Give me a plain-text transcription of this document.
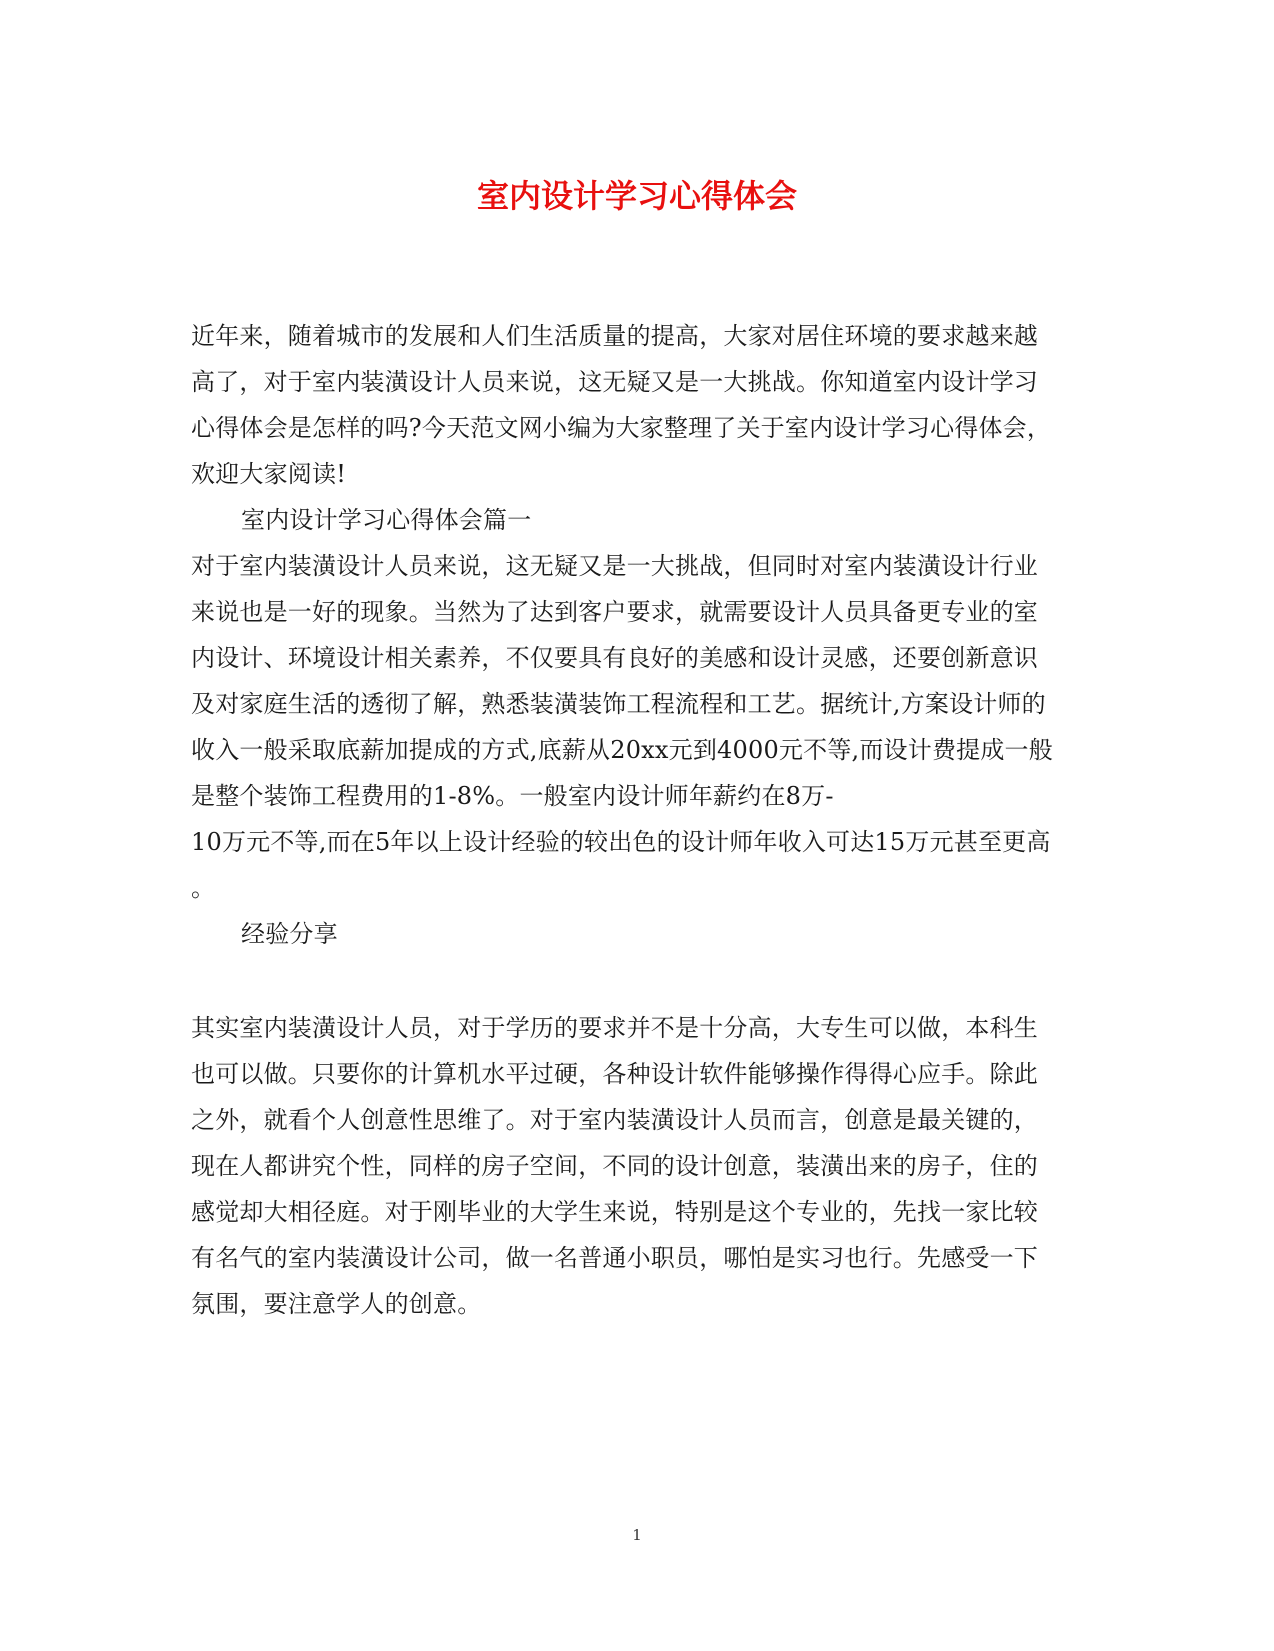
室内设计学习心得体会
近年来，随着城市的发展和人们生活质量的提高，大家对居住环境的要求越来越
高了，对于室内装潢设计人员来说，这无疑又是一大挑战。你知道室内设计学习
心得体会是怎样的吗?今天范文网小编为大家整理了关于室内设计学习心得体会，
欢迎大家阅读!
室内设计学习心得体会篇一
对于室内装潢设计人员来说，这无疑又是一大挑战，但同时对室内装潢设计行业
来说也是一好的现象。当然为了达到客户要求，就需要设计人员具备更专业的室
内设计、环境设计相关素养，不仅要具有良好的美感和设计灵感，还要创新意识
及对家庭生活的透彻了解，熟悉装潢装饰工程流程和工艺。据统计,方案设计师的
收入一般采取底薪加提成的方式,底薪从20xx元到4000元不等,而设计费提成一般
是整个装饰工程费用的1-8%。一般室内设计师年薪约在8万-
10万元不等,而在5年以上设计经验的较出色的设计师年收入可达15万元甚至更高
。
经验分享
其实室内装潢设计人员，对于学历的要求并不是十分高，大专生可以做，本科生
也可以做。只要你的计算机水平过硬，各种设计软件能够操作得得心应手。除此
之外，就看个人创意性思维了。对于室内装潢设计人员而言，创意是最关键的，
现在人都讲究个性，同样的房子空间，不同的设计创意，装潢出来的房子，住的
感觉却大相径庭。对于刚毕业的大学生来说，特别是这个专业的，先找一家比较
有名气的室内装潢设计公司，做一名普通小职员，哪怕是实习也行。先感受一下
氛围，要注意学人的创意。
1
